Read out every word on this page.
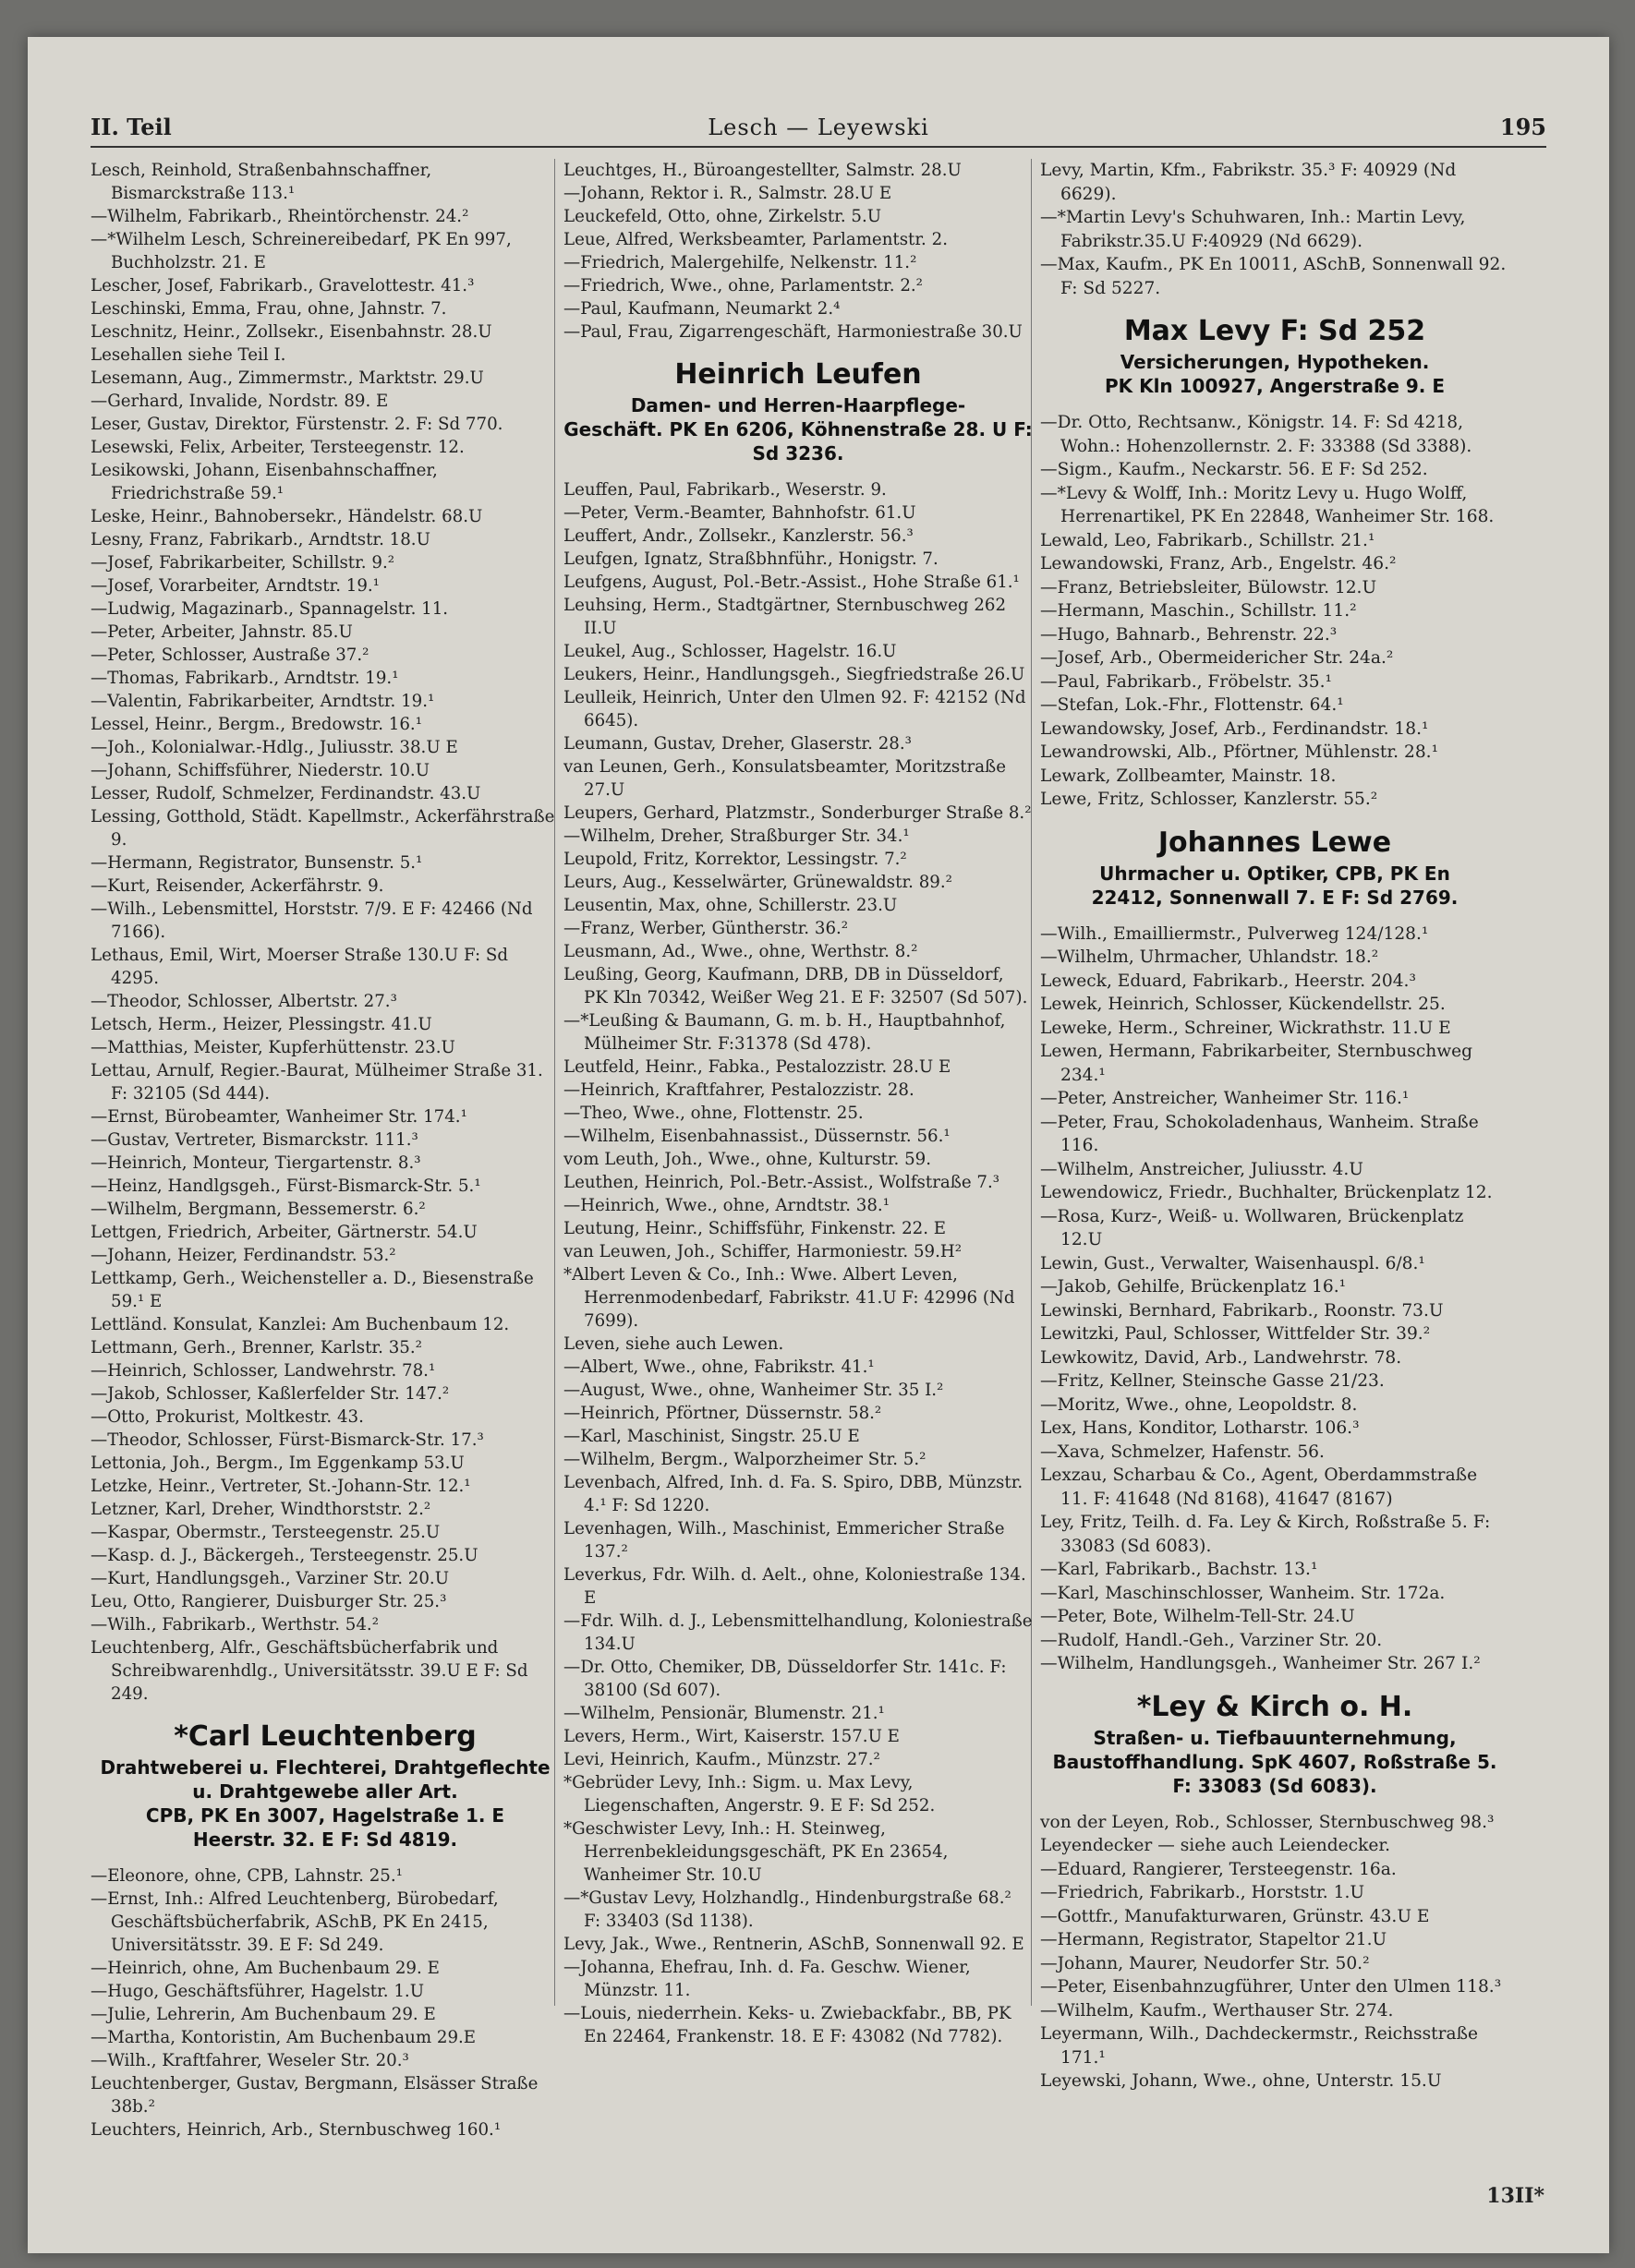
II. Teil	Lesch — Leyewski	195

Lesch, Reinhold, Straßenbahnschaffner, Bismarckstraße 113.¹

—Wilhelm, Fabrikarb., Rheintörchenstr. 24.²

—*Wilhelm Lesch, Schreinereibedarf, PK En 997, Buchholzstr. 21. E

Lescher, Josef, Fabrikarb., Gravelottestr. 41.³

Leschinski, Emma, Frau, ohne, Jahnstr. 7.

Leschnitz, Heinr., Zollsekr., Eisenbahnstr. 28.U

Lesehallen siehe Teil I.

Lesemann, Aug., Zimmermstr., Marktstr. 29.U

—Gerhard, Invalide, Nordstr. 89. E

Leser, Gustav, Direktor, Fürstenstr. 2. F: Sd 770.

Lesewski, Felix, Arbeiter, Tersteegenstr. 12.

Lesikowski, Johann, Eisenbahnschaffner, Friedrichstraße 59.¹

Leske, Heinr., Bahnobersekr., Händelstr. 68.U

Lesny, Franz, Fabrikarb., Arndtstr. 18.U

—Josef, Fabrikarbeiter, Schillstr. 9.²

—Josef, Vorarbeiter, Arndtstr. 19.¹

—Ludwig, Magazinarb., Spannagelstr. 11.

—Peter, Arbeiter, Jahnstr. 85.U

—Peter, Schlosser, Austraße 37.²

—Thomas, Fabrikarb., Arndtstr. 19.¹

—Valentin, Fabrikarbeiter, Arndtstr. 19.¹

Lessel, Heinr., Bergm., Bredowstr. 16.¹

—Joh., Kolonialwar.-Hdlg., Juliusstr. 38.U E

—Johann, Schiffsführer, Niederstr. 10.U

Lesser, Rudolf, Schmelzer, Ferdinandstr. 43.U

Lessing, Gotthold, Städt. Kapellmstr., Ackerfährstraße 9.

—Hermann, Registrator, Bunsenstr. 5.¹

—Kurt, Reisender, Ackerfährstr. 9.

—Wilh., Lebensmittel, Horststr. 7/9. E F: 42466 (Nd 7166).

Lethaus, Emil, Wirt, Moerser Straße 130.U F: Sd 4295.

—Theodor, Schlosser, Albertstr. 27.³

Letsch, Herm., Heizer, Plessingstr. 41.U

—Matthias, Meister, Kupferhüttenstr. 23.U

Lettau, Arnulf, Regier.-Baurat, Mülheimer Straße 31. F: 32105 (Sd 444).

—Ernst, Bürobeamter, Wanheimer Str. 174.¹

—Gustav, Vertreter, Bismarckstr. 111.³

—Heinrich, Monteur, Tiergartenstr. 8.³

—Heinz, Handlgsgeh., Fürst-Bismarck-Str. 5.¹

—Wilhelm, Bergmann, Bessemerstr. 6.²

Lettgen, Friedrich, Arbeiter, Gärtnerstr. 54.U

—Johann, Heizer, Ferdinandstr. 53.²

Lettkamp, Gerh., Weichensteller a. D., Biesenstraße 59.¹ E

Lettländ. Konsulat, Kanzlei: Am Buchenbaum 12.

Lettmann, Gerh., Brenner, Karlstr. 35.²

—Heinrich, Schlosser, Landwehrstr. 78.¹

—Jakob, Schlosser, Kaßlerfelder Str. 147.²

—Otto, Prokurist, Moltkestr. 43.

—Theodor, Schlosser, Fürst-Bismarck-Str. 17.³

Lettonia, Joh., Bergm., Im Eggenkamp 53.U

Letzke, Heinr., Vertreter, St.-Johann-Str. 12.¹

Letzner, Karl, Dreher, Windthorststr. 2.²

—Kaspar, Obermstr., Tersteegenstr. 25.U

—Kasp. d. J., Bäckergeh., Tersteegenstr. 25.U

—Kurt, Handlungsgeh., Varziner Str. 20.U

Leu, Otto, Rangierer, Duisburger Str. 25.³

—Wilh., Fabrikarb., Werthstr. 54.²

Leuchtenberg, Alfr., Geschäftsbücherfabrik und Schreibwarenhdlg., Universitätsstr. 39.U E F: Sd 249.

*Carl Leuchtenberg
Drahtweberei u. Flechterei, Drahtgeflechte u. Drahtgewebe aller Art.
CPB, PK En 3007, Hagelstraße 1. E
Heerstr. 32. E F: Sd 4819.

—Eleonore, ohne, CPB, Lahnstr. 25.¹

—Ernst, Inh.: Alfred Leuchtenberg, Bürobedarf, Geschäftsbücherfabrik, ASchB, PK En 2415, Universitätsstr. 39. E F: Sd 249.

—Heinrich, ohne, Am Buchenbaum 29. E

—Hugo, Geschäftsführer, Hagelstr. 1.U

—Julie, Lehrerin, Am Buchenbaum 29. E

—Martha, Kontoristin, Am Buchenbaum 29.E

—Wilh., Kraftfahrer, Weseler Str. 20.³

Leuchtenberger, Gustav, Bergmann, Elsässer Straße 38b.²

Leuchters, Heinrich, Arb., Sternbuschweg 160.¹

Leuchtges, H., Büroangestellter, Salmstr. 28.U

—Johann, Rektor i. R., Salmstr. 28.U E

Leuckefeld, Otto, ohne, Zirkelstr. 5.U

Leue, Alfred, Werksbeamter, Parlamentstr. 2.

—Friedrich, Malergehilfe, Nelkenstr. 11.²

—Friedrich, Wwe., ohne, Parlamentstr. 2.²

—Paul, Kaufmann, Neumarkt 2.⁴

—Paul, Frau, Zigarrengeschäft, Harmoniestraße 30.U

Heinrich Leufen
Damen- und Herren-Haarpflege-
Geschäft. PK En 6206, Köhnenstraße 28. U F: Sd 3236.

Leuffen, Paul, Fabrikarb., Weserstr. 9.

—Peter, Verm.-Beamter, Bahnhofstr. 61.U

Leuffert, Andr., Zollsekr., Kanzlerstr. 56.³

Leufgen, Ignatz, Straßbhnführ., Honigstr. 7.

Leufgens, August, Pol.-Betr.-Assist., Hohe Straße 61.¹

Leuhsing, Herm., Stadtgärtner, Sternbuschweg 262 II.U

Leukel, Aug., Schlosser, Hagelstr. 16.U

Leukers, Heinr., Handlungsgeh., Siegfriedstraße 26.U

Leulleik, Heinrich, Unter den Ulmen 92. F: 42152 (Nd 6645).

Leumann, Gustav, Dreher, Glaserstr. 28.³

van Leunen, Gerh., Konsulatsbeamter, Moritzstraße 27.U

Leupers, Gerhard, Platzmstr., Sonderburger Straße 8.²

—Wilhelm, Dreher, Straßburger Str. 34.¹

Leupold, Fritz, Korrektor, Lessingstr. 7.²

Leurs, Aug., Kesselwärter, Grünewaldstr. 89.²

Leusentin, Max, ohne, Schillerstr. 23.U

—Franz, Werber, Güntherstr. 36.²

Leusmann, Ad., Wwe., ohne, Werthstr. 8.²

Leußing, Georg, Kaufmann, DRB, DB in Düsseldorf, PK Kln 70342, Weißer Weg 21. E F: 32507 (Sd 507).

—*Leußing & Baumann, G. m. b. H., Hauptbahnhof, Mülheimer Str. F:31378 (Sd 478).

Leutfeld, Heinr., Fabka., Pestalozzistr. 28.U E

—Heinrich, Kraftfahrer, Pestalozzistr. 28.

—Theo, Wwe., ohne, Flottenstr. 25.

—Wilhelm, Eisenbahnassist., Düssernstr. 56.¹

vom Leuth, Joh., Wwe., ohne, Kulturstr. 59.

Leuthen, Heinrich, Pol.-Betr.-Assist., Wolfstraße 7.³

—Heinrich, Wwe., ohne, Arndtstr. 38.¹

Leutung, Heinr., Schiffsführ, Finkenstr. 22. E

van Leuwen, Joh., Schiffer, Harmoniestr. 59.H²

*Albert Leven & Co., Inh.: Wwe. Albert Leven, Herrenmodenbedarf, Fabrikstr. 41.U F: 42996 (Nd 7699).

Leven, siehe auch Lewen.

—Albert, Wwe., ohne, Fabrikstr. 41.¹

—August, Wwe., ohne, Wanheimer Str. 35 I.²

—Heinrich, Pförtner, Düssernstr. 58.²

—Karl, Maschinist, Singstr. 25.U E

—Wilhelm, Bergm., Walporzheimer Str. 5.²

Levenbach, Alfred, Inh. d. Fa. S. Spiro, DBB, Münzstr. 4.¹ F: Sd 1220.

Levenhagen, Wilh., Maschinist, Emmericher Straße 137.²

Leverkus, Fdr. Wilh. d. Aelt., ohne, Koloniestraße 134. E

—Fdr. Wilh. d. J., Lebensmittelhandlung, Koloniestraße 134.U

—Dr. Otto, Chemiker, DB, Düsseldorfer Str. 141c. F: 38100 (Sd 607).

—Wilhelm, Pensionär, Blumenstr. 21.¹

Levers, Herm., Wirt, Kaiserstr. 157.U E

Levi, Heinrich, Kaufm., Münzstr. 27.²

*Gebrüder Levy, Inh.: Sigm. u. Max Levy, Liegenschaften, Angerstr. 9. E F: Sd 252.

*Geschwister Levy, Inh.: H. Steinweg, Herrenbekleidungsgeschäft, PK En 23654, Wanheimer Str. 10.U

—*Gustav Levy, Holzhandlg., Hindenburgstraße 68.² F: 33403 (Sd 1138).

Levy, Jak., Wwe., Rentnerin, ASchB, Sonnenwall 92. E

—Johanna, Ehefrau, Inh. d. Fa. Geschw. Wiener, Münzstr. 11.

—Louis, niederrhein. Keks- u. Zwiebackfabr., BB, PK En 22464, Frankenstr. 18. E F: 43082 (Nd 7782).

Levy, Martin, Kfm., Fabrikstr. 35.³ F: 40929 (Nd 6629).

—*Martin Levy's Schuhwaren, Inh.: Martin Levy, Fabrikstr.35.U F:40929 (Nd 6629).

—Max, Kaufm., PK En 10011, ASchB, Sonnenwall 92. F: Sd 5227.

Max Levy F: Sd 252
Versicherungen, Hypotheken.
PK Kln 100927, Angerstraße 9. E

—Dr. Otto, Rechtsanw., Königstr. 14. F: Sd 4218, Wohn.: Hohenzollernstr. 2. F: 33388 (Sd 3388).

—Sigm., Kaufm., Neckarstr. 56. E F: Sd 252.

—*Levy & Wolff, Inh.: Moritz Levy u. Hugo Wolff, Herrenartikel, PK En 22848, Wanheimer Str. 168.

Lewald, Leo, Fabrikarb., Schillstr. 21.¹

Lewandowski, Franz, Arb., Engelstr. 46.²

—Franz, Betriebsleiter, Bülowstr. 12.U

—Hermann, Maschin., Schillstr. 11.²

—Hugo, Bahnarb., Behrenstr. 22.³

—Josef, Arb., Obermeidericher Str. 24a.²

—Paul, Fabrikarb., Fröbelstr. 35.¹

—Stefan, Lok.-Fhr., Flottenstr. 64.¹

Lewandowsky, Josef, Arb., Ferdinandstr. 18.¹

Lewandrowski, Alb., Pförtner, Mühlenstr. 28.¹

Lewark, Zollbeamter, Mainstr. 18.

Lewe, Fritz, Schlosser, Kanzlerstr. 55.²

Johannes Lewe
Uhrmacher u. Optiker, CPB, PK En
22412, Sonnenwall 7. E F: Sd 2769.

—Wilh., Emailliermstr., Pulverweg 124/128.¹

—Wilhelm, Uhrmacher, Uhlandstr. 18.²

Leweck, Eduard, Fabrikarb., Heerstr. 204.³

Lewek, Heinrich, Schlosser, Kückendellstr. 25.

Leweke, Herm., Schreiner, Wickrathstr. 11.U E

Lewen, Hermann, Fabrikarbeiter, Sternbuschweg 234.¹

—Peter, Anstreicher, Wanheimer Str. 116.¹

—Peter, Frau, Schokoladenhaus, Wanheim. Straße 116.

—Wilhelm, Anstreicher, Juliusstr. 4.U

Lewendowicz, Friedr., Buchhalter, Brückenplatz 12.

—Rosa, Kurz-, Weiß- u. Wollwaren, Brückenplatz 12.U

Lewin, Gust., Verwalter, Waisenhauspl. 6/8.¹

—Jakob, Gehilfe, Brückenplatz 16.¹

Lewinski, Bernhard, Fabrikarb., Roonstr. 73.U

Lewitzki, Paul, Schlosser, Wittfelder Str. 39.²

Lewkowitz, David, Arb., Landwehrstr. 78.

—Fritz, Kellner, Steinsche Gasse 21/23.

—Moritz, Wwe., ohne, Leopoldstr. 8.

Lex, Hans, Konditor, Lotharstr. 106.³

—Xava, Schmelzer, Hafenstr. 56.

Lexzau, Scharbau & Co., Agent, Oberdammstraße 11. F: 41648 (Nd 8168), 41647 (8167)

Ley, Fritz, Teilh. d. Fa. Ley & Kirch, Roßstraße 5. F: 33083 (Sd 6083).

—Karl, Fabrikarb., Bachstr. 13.¹

—Karl, Maschinschlosser, Wanheim. Str. 172a.

—Peter, Bote, Wilhelm-Tell-Str. 24.U

—Rudolf, Handl.-Geh., Varziner Str. 20.

—Wilhelm, Handlungsgeh., Wanheimer Str. 267 I.²

*Ley & Kirch o. H.
Straßen- u. Tiefbauunternehmung,
Baustoffhandlung. SpK 4607, Roßstraße 5. F: 33083 (Sd 6083).

von der Leyen, Rob., Schlosser, Sternbuschweg 98.³

Leyendecker — siehe auch Leiendecker.

—Eduard, Rangierer, Tersteegenstr. 16a.

—Friedrich, Fabrikarb., Horststr. 1.U

—Gottfr., Manufakturwaren, Grünstr. 43.U E

—Hermann, Registrator, Stapeltor 21.U

—Johann, Maurer, Neudorfer Str. 50.²

—Peter, Eisenbahnzugführer, Unter den Ulmen 118.³

—Wilhelm, Kaufm., Werthauser Str. 274.

Leyermann, Wilh., Dachdeckermstr., Reichsstraße 171.¹

Leyewski, Johann, Wwe., ohne, Unterstr. 15.U

13II*
